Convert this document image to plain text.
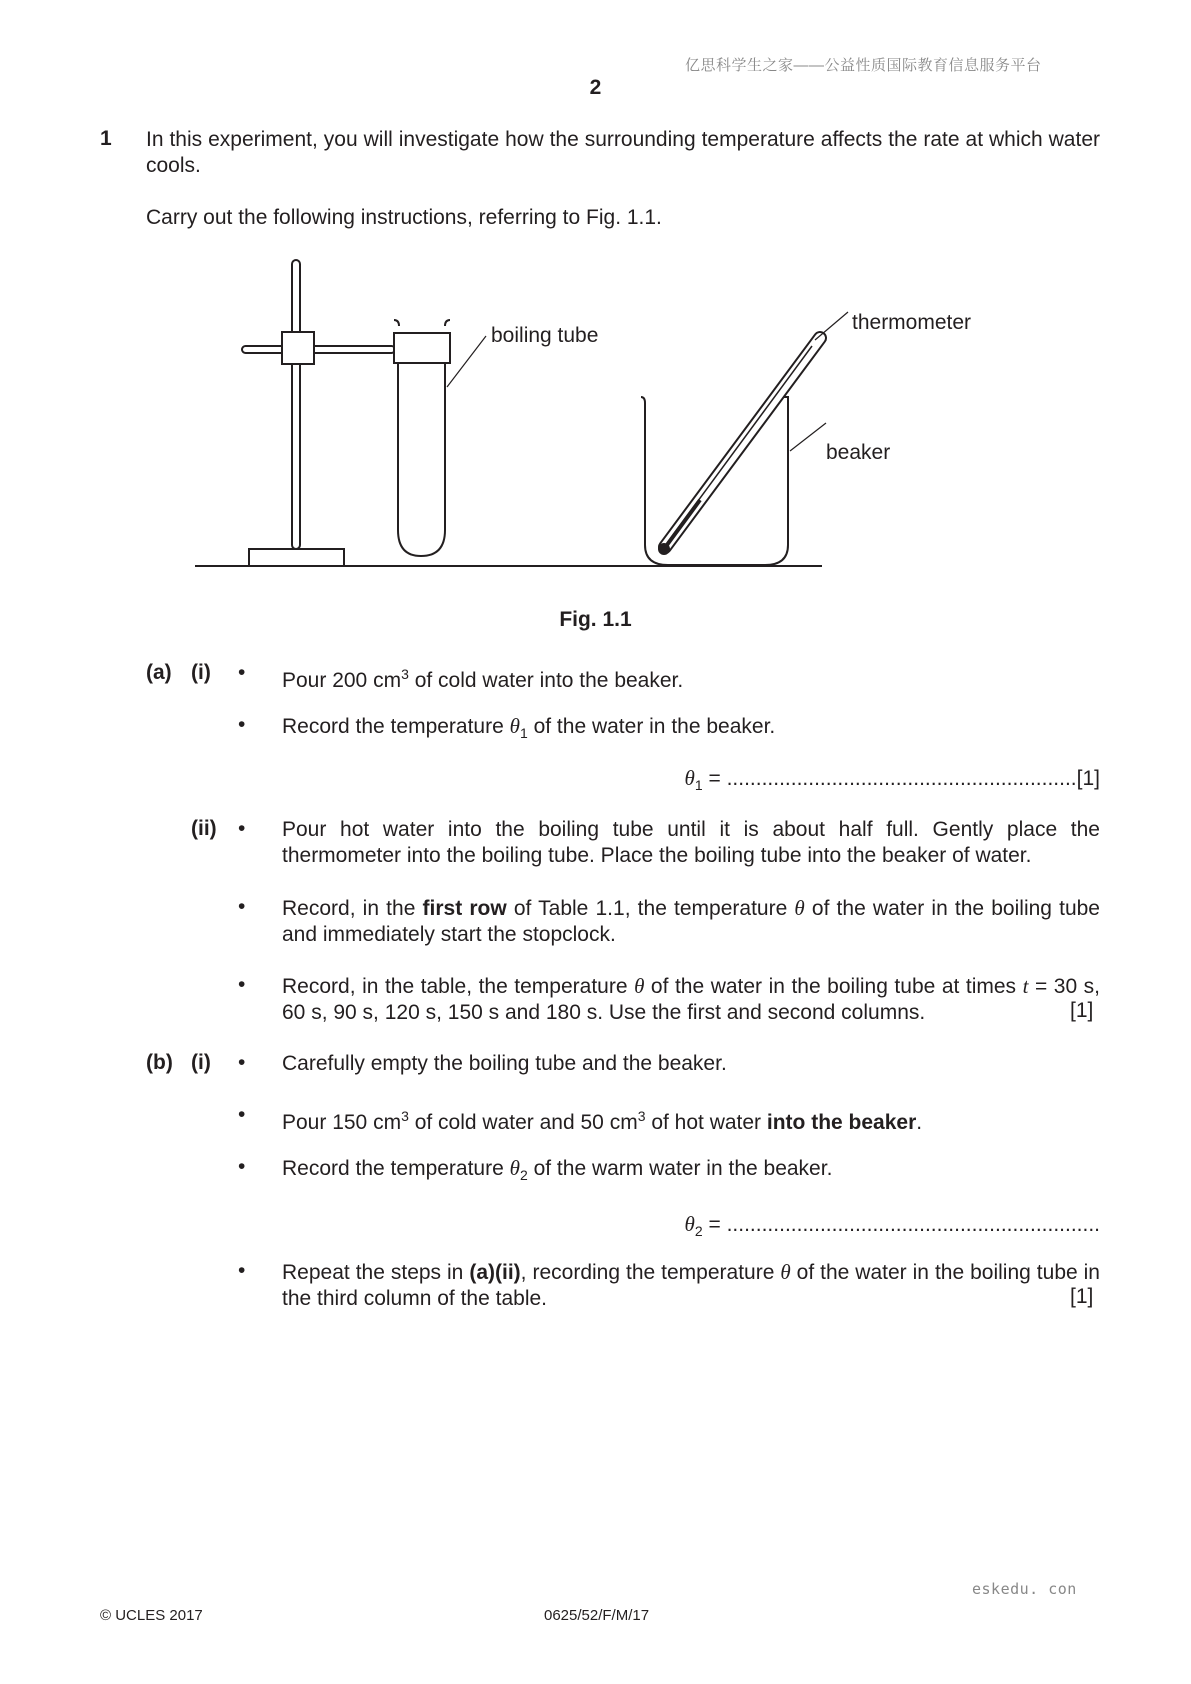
亿思科学生之家——公益性质国际教育信息服务平台
2
1 In this experiment, you will investigate how the surrounding temperature affects the rate at which water cools.
Carry out the following instructions, referring to Fig. 1.1.
boiling tube
thermometer
beaker
Fig. 1.1
(a) (i) • Pour 200 $cm^3$ of cold water into the beaker.
• Record the temperature $\theta_1$ of the water in the beaker.
$\theta_1 = ............................................................[1]$
(ii) • Pour hot water into the boiling tube until it is about half full. Gently place the thermometer into the boiling tube. Place the boiling tube into the beaker of water.
• Record, in the first row of Table 1.1, the temperature θ of the water in the boiling tube and immediately start the stopclock.
• Record, in the table, the temperature θ of the water in the boiling tube at times t = 30 s, 60 s, 90 s, 120 s, 150 s and 180 s. Use the first and second columns.	[1]
(b) (i) • Carefully empty the boiling tube and the beaker.
• Pour 150 $cm^3$ of cold water and 50 $cm^3$ of hot water into the beaker.
• Record the temperature $\theta_2$ of the warm water in the beaker.
$\theta_2$ = ................................................................
• Repeat the steps in (a)(ii), recording the temperature θ of the water in the boiling tube in the third column of the table.	[1]
eskedu. con
© UCLES 2017	0625/52/F/M/17
